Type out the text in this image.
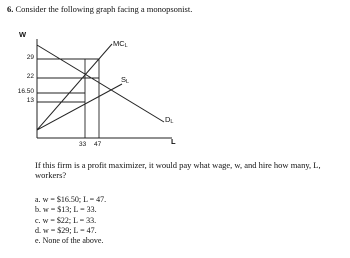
6. Consider the following graph facing a monopsonist.
W
29
22
16.50
13
33 47
$MC_L$
$S_L$
$D_L$
L
If this firm is a profit maximizer, it would pay what wage, w, and hire how many, L, workers?
a. w = $16.50; L = 47.
b. w = $13; L = 33.
c. w = $22; L = 33.
d. w = $29; L = 47.
e. None of the above.
